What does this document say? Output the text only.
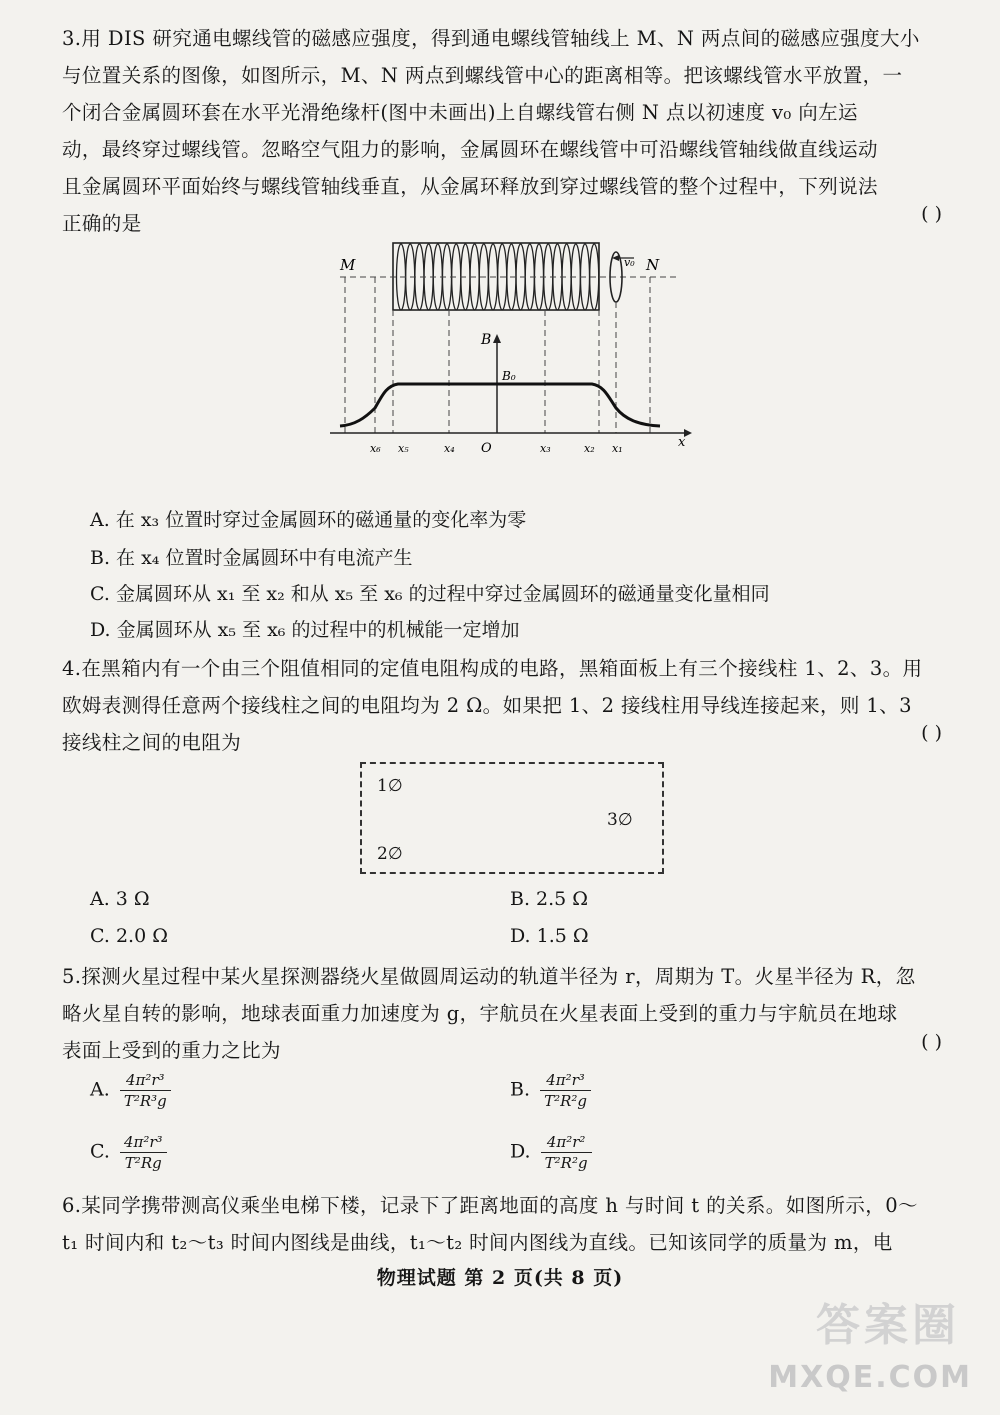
3.用 DIS 研究通电螺线管的磁感应强度，得到通电螺线管轴线上 M、N 两点间的磁感应强度大小
与位置关系的图像，如图所示，M、N 两点到螺线管中心的距离相等。把该螺线管水平放置，一
个闭合金属圆环套在水平光滑绝缘杆(图中未画出)上自螺线管右侧 N 点以初速度 v₀ 向左运
动，最终穿过螺线管。忽略空气阻力的影响，金属圆环在螺线管中可沿螺线管轴线做直线运动
且金属圆环平面始终与螺线管轴线垂直，从金属环释放到穿过螺线管的整个过程中，下列说法
正确的是	( )
v₀
M	N
B
B₀
x
x₆ x₅	x₄ O	x₃	x₂ x₁
A. 在 x₃ 位置时穿过金属圆环的磁通量的变化率为零
B. 在 x₄ 位置时金属圆环中有电流产生
C. 金属圆环从 x₁ 至 x₂ 和从 x₅ 至 x₆ 的过程中穿过金属圆环的磁通量变化量相同
D. 金属圆环从 x₅ 至 x₆ 的过程中的机械能一定增加
4.在黑箱内有一个由三个阻值相同的定值电阻构成的电路，黑箱面板上有三个接线柱 1、2、3。用
欧姆表测得任意两个接线柱之间的电阻均为 2 Ω。如果把 1、2 接线柱用导线连接起来，则 1、3
接线柱之间的电阻为	( )
1∅
2∅
3∅
A. 3 Ω	B. 2.5 Ω
C. 2.0 Ω	D. 1.5 Ω
5.探测火星过程中某火星探测器绕火星做圆周运动的轨道半径为 r，周期为 T。火星半径为 R，忽
略火星自转的影响，地球表面重力加速度为 g，宇航员在火星表面上受到的重力与宇航员在地球
表面上受到的重力之比为	( )
A. $\frac{\text{4π²r³}}{\text{T²R³g}}$	B. $\frac{\text{4π²r³}}{\text{T²R²g}}$
C. $\frac{\text{4π²r³}}{\text{T²Rg}}$	D. $\frac{\text{4π²r²}}{\text{T²R²g}}$
6.某同学携带测高仪乘坐电梯下楼，记录下了距离地面的高度 h 与时间 t 的关系。如图所示，0～
t₁ 时间内和 t₂～t₃ 时间内图线是曲线，t₁～t₂ 时间内图线为直线。已知该同学的质量为 m，电
物理试题 第 2 页(共 8 页)
答案圈
MXQE.COM
